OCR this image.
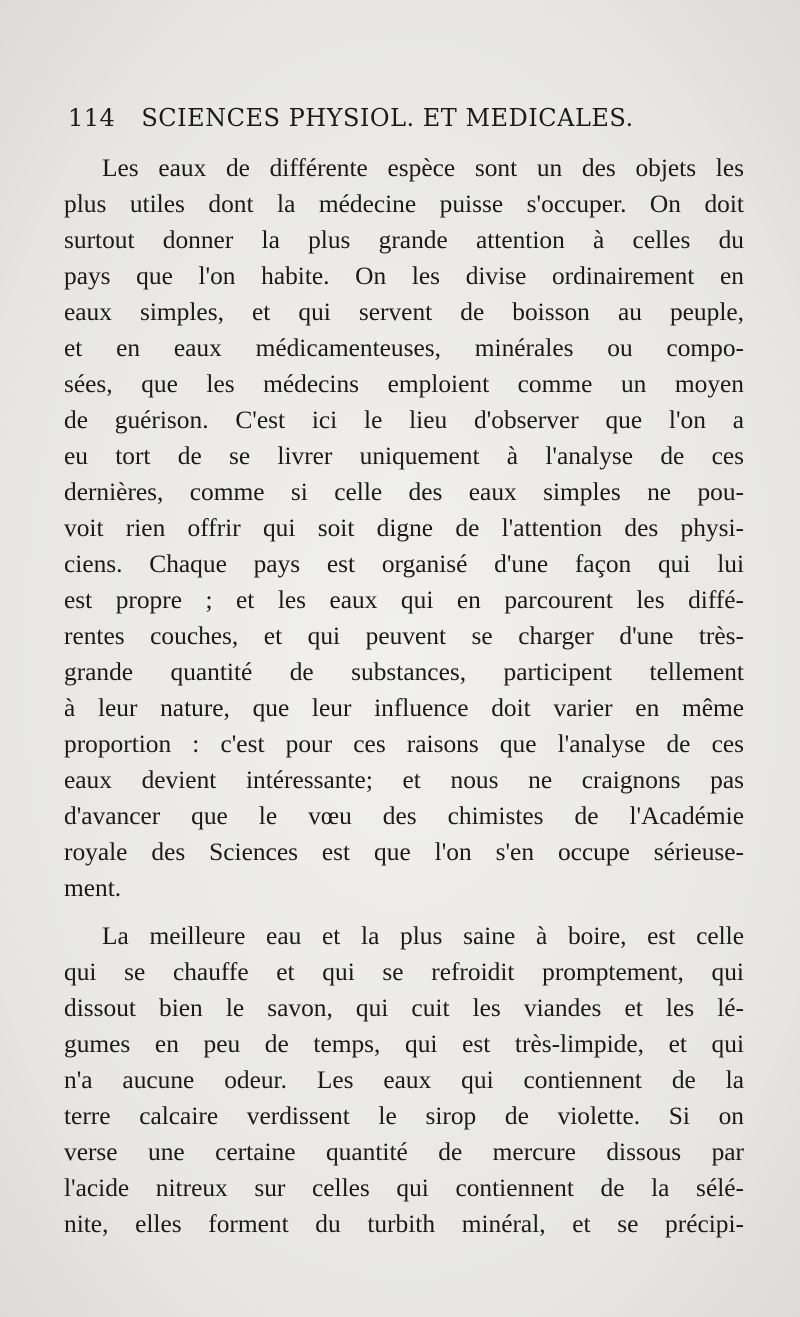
114 SCIENCES PHYSIOL. ET MEDICALES.

Les eaux de différente espèce sont un des objets les
plus utiles dont la médecine puisse s'occuper. On doit
surtout donner la plus grande attention à celles du
pays que l'on habite. On les divise ordinairement en
eaux simples, et qui servent de boisson au peuple,
et en eaux médicamenteuses, minérales ou compo-
sées, que les médecins emploient comme un moyen
de guérison. C'est ici le lieu d'observer que l'on a
eu tort de se livrer uniquement à l'analyse de ces
dernières, comme si celle des eaux simples ne pou-
voit rien offrir qui soit digne de l'attention des physi-
ciens. Chaque pays est organisé d'une façon qui lui
est propre ; et les eaux qui en parcourent les diffé-
rentes couches, et qui peuvent se charger d'une très-
grande quantité de substances, participent tellement
à leur nature, que leur influence doit varier en même
proportion : c'est pour ces raisons que l'analyse de ces
eaux devient intéressante; et nous ne craignons pas
d'avancer que le vœu des chimistes de l'Académie
royale des Sciences est que l'on s'en occupe sérieuse-
ment.

La meilleure eau et la plus saine à boire, est celle
qui se chauffe et qui se refroidit promptement, qui
dissout bien le savon, qui cuit les viandes et les lé-
gumes en peu de temps, qui est très-limpide, et qui
n'a aucune odeur. Les eaux qui contiennent de la
terre calcaire verdissent le sirop de violette. Si on
verse une certaine quantité de mercure dissous par
l'acide nitreux sur celles qui contiennent de la sélé-
nite, elles forment du turbith minéral, et se précipi-
